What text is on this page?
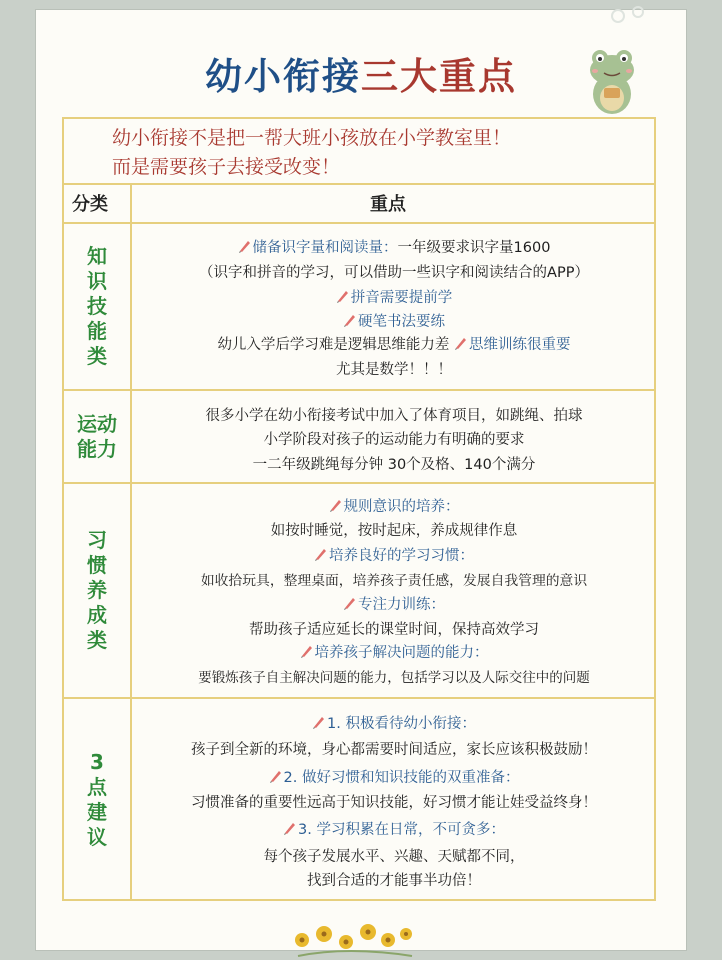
幼小衔接三大重点
幼小衔接不是把一帮大班小孩放在小学教室里！
而是需要孩子去接受改变！
分类	重点
知识技能类
运动能力
习惯养成类
3点建议
储备识字量和阅读量：一年级要求识字量1600
（识字和拼音的学习，可以借助一些识字和阅读结合的APP）
拼音需要提前学
硬笔书法要练
幼儿入学后学习难是逻辑思维能力差 思维训练很重要
尤其是数学！！！
很多小学在幼小衔接考试中加入了体育项目，如跳绳、拍球
小学阶段对孩子的运动能力有明确的要求
一二年级跳绳每分钟 30个及格、140个满分
规则意识的培养：
如按时睡觉，按时起床，养成规律作息
培养良好的学习习惯：
如收拾玩具，整理桌面，培养孩子责任感，发展自我管理的意识
专注力训练：
帮助孩子适应延长的课堂时间，保持高效学习
培养孩子解决问题的能力：
要锻炼孩子自主解决问题的能力，包括学习以及人际交往中的问题
1. 积极看待幼小衔接：
孩子到全新的环境，身心都需要时间适应，家长应该积极鼓励！
2. 做好习惯和知识技能的双重准备：
习惯准备的重要性远高于知识技能，好习惯才能让娃受益终身！
3. 学习积累在日常，不可贪多：
每个孩子发展水平、兴趣、天赋都不同，
找到合适的才能事半功倍！
